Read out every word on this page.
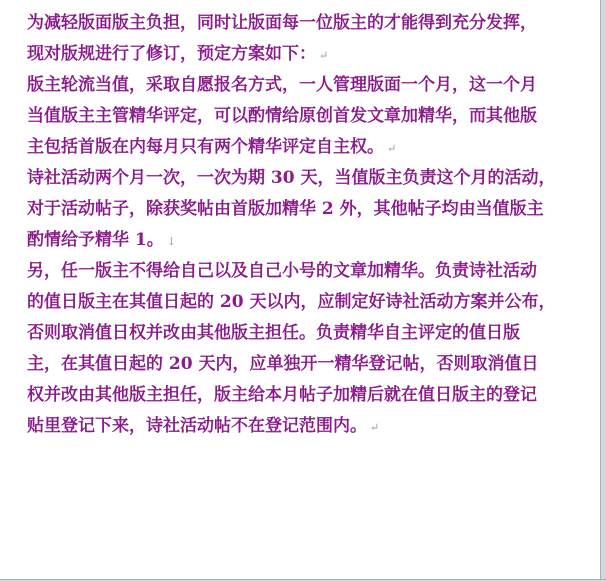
为减轻版面版主负担，同时让版面每一位版主的才能得到充分发挥，
现对版规进行了修订，预定方案如下： ↵
版主轮流当值，采取自愿报名方式，一人管理版面一个月，这一个月
当值版主主管精华评定，可以酌情给原创首发文章加精华，而其他版
主包括首版在内每月只有两个精华评定自主权。 ↵
诗社活动两个月一次，一次为期 30 天，当值版主负责这个月的活动，
对于活动帖子，除获奖帖由首版加精华 2 外，其他帖子均由当值版主
酌情给予精华 1。 ↓
另，任一版主不得给自己以及自己小号的文章加精华。负责诗社活动
的值日版主在其值日起的 20 天以内，应制定好诗社活动方案并公布，
否则取消值日权并改由其他版主担任。负责精华自主评定的值日版
主，在其值日起的 20 天内，应单独开一精华登记帖，否则取消值日
权并改由其他版主担任，版主给本月帖子加精后就在值日版主的登记
贴里登记下来，诗社活动帖不在登记范围内。 ↵
